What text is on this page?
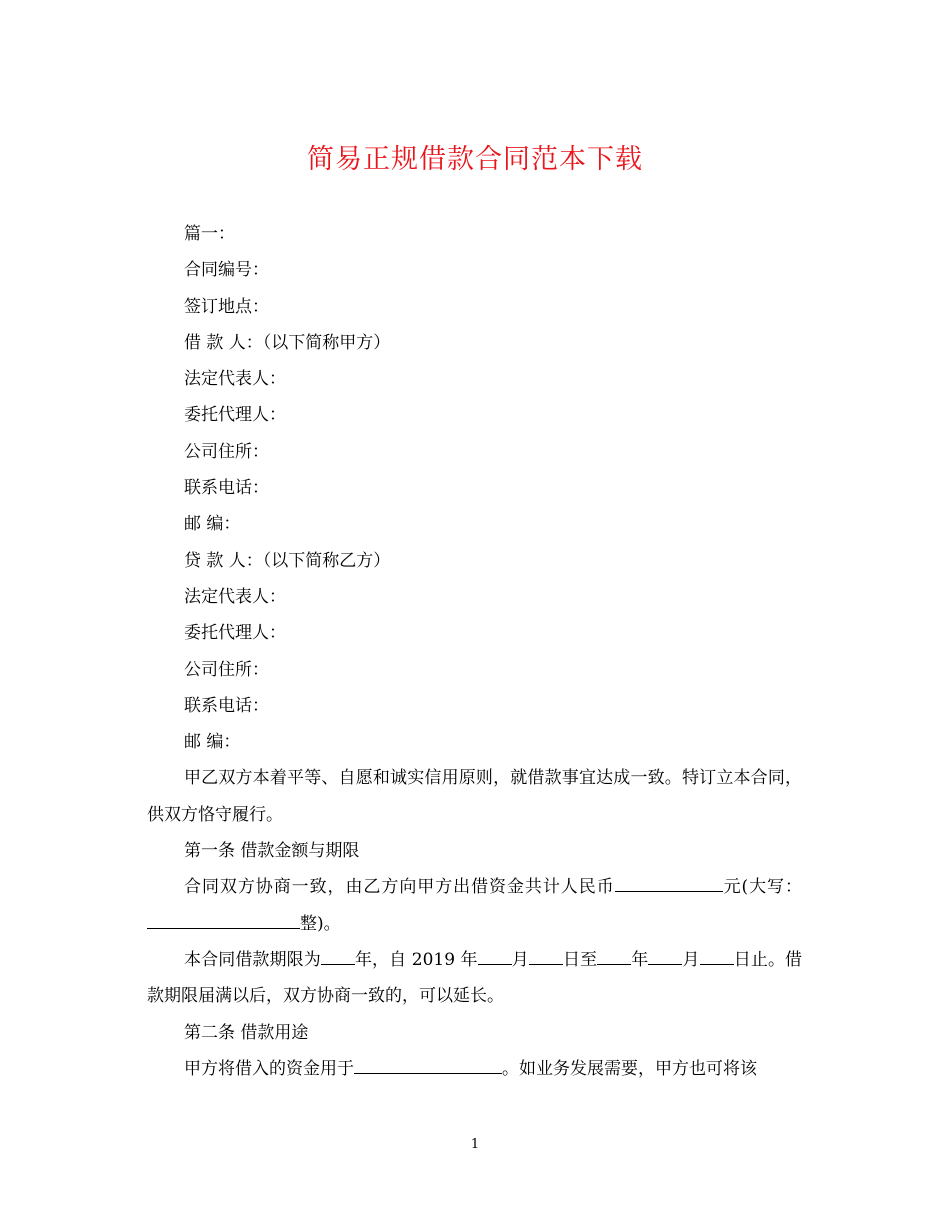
简易正规借款合同范本下载

篇一：

合同编号：

签订地点：

借 款 人：（以下简称甲方）

法定代表人：

委托代理人：

公司住所：

联系电话：

邮 编：

贷 款 人：（以下简称乙方）

法定代表人：

委托代理人：

公司住所：

联系电话：

邮 编：

甲乙双方本着平等、自愿和诚实信用原则，就借款事宜达成一致。特订立本合同，供双方恪守履行。

第一条 借款金额与期限

合同双方协商一致，由乙方向甲方出借资金共计人民币	元(大写：整)。

本合同借款期限为 年，自 2019 年 月 日至 年 月 日止。借款期限届满以后，双方协商一致的，可以延长。

第二条 借款用途

甲方将借入的资金用于	。如业务发展需要，甲方也可将该

1
